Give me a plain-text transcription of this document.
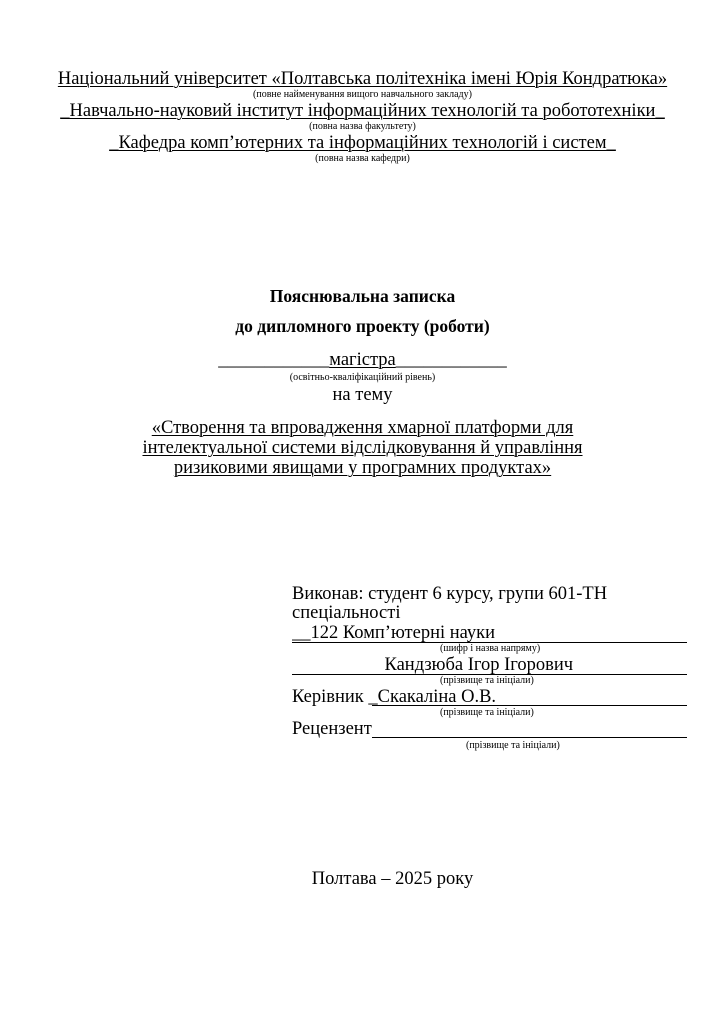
Національний університет «Полтавська політехніка імені Юрія Кондратюка»
(повне найменування вищого навчального закладу)
_Навчально-науковий інститут інформаційних технологій та робототехніки_
(повна назва факультету)
_Кафедра комп’ютерних та інформаційних технологій і систем_
(повна назва кафедри)
Пояснювальна записка
до дипломного проекту (роботи)
____________магістра____________
(освітньо-кваліфікаційний рівень)
на тему
«Створення та впровадження хмарної платформи для
інтелектуальної системи відслідковування й управління
ризиковими явищами у програмних продуктах»
Виконав: студент 6 курсу, групи 601-ТН
спеціальності
__122 Комп’ютерні науки
(шифр і назва напряму)
Кандзюба Ігор Ігорович
(прізвище та ініціали)
Керівник
_Скакаліна О.В.
(прізвище та ініціали)
Рецензент
(прізвище та ініціали)
Полтава – 2025 року
